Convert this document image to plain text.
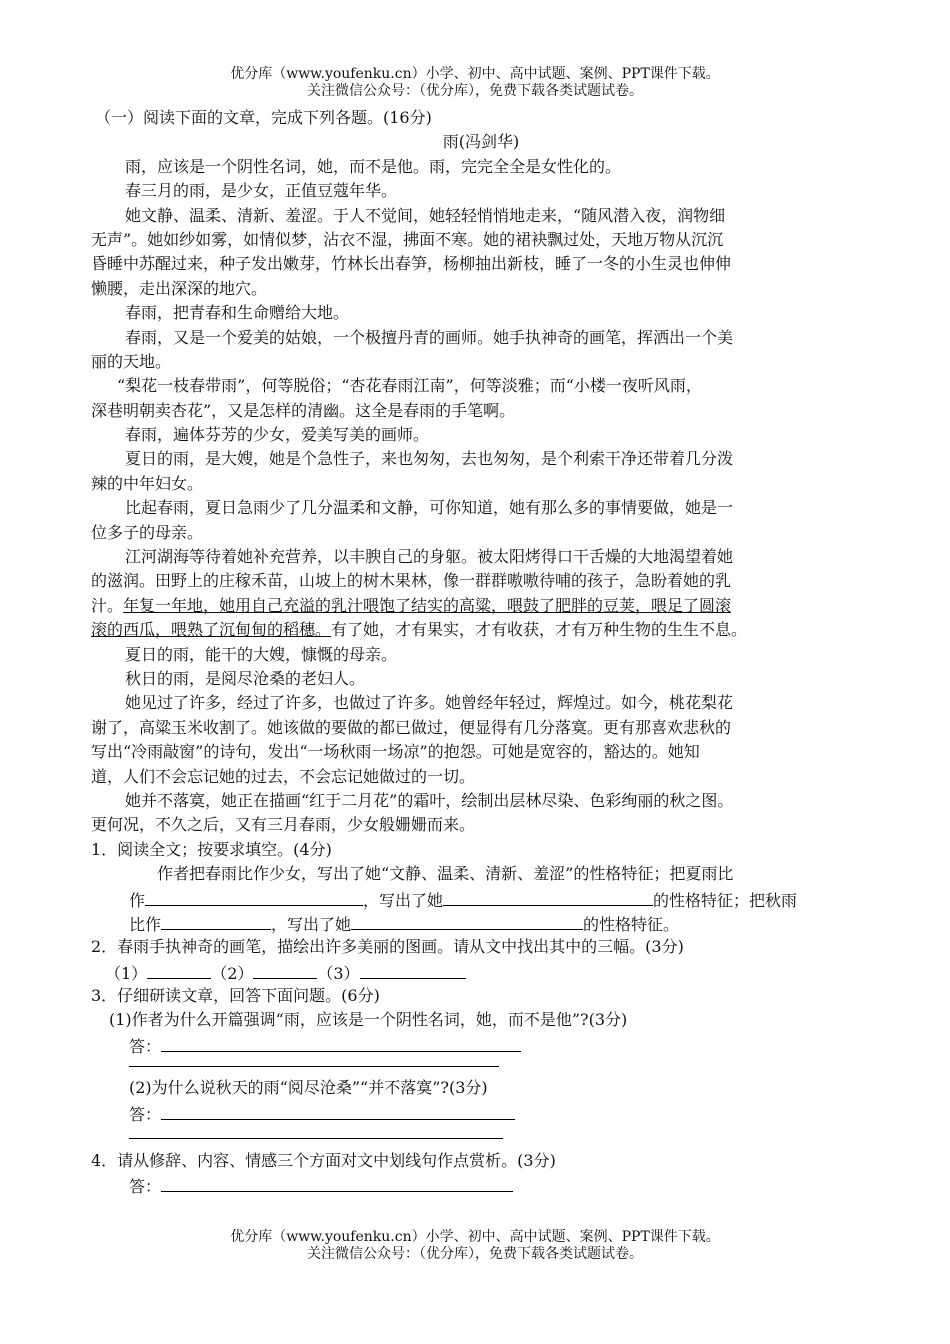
优分库（www.youfenku.cn）小学、初中、高中试题、案例、PPT课件下载。
关注微信公众号：（优分库），免费下载各类试题试卷。
（一）阅读下面的文章，完成下列各题。(16分)
雨(冯剑华)
雨，应该是一个阴性名词，她，而不是他。雨，完完全全是女性化的。
春三月的雨，是少女，正值豆蔻年华。
她文静、温柔、清新、羞涩。于人不觉间，她轻轻悄悄地走来，“随风潜入夜，润物细
无声”。她如纱如雾，如情似梦，沾衣不湿，拂面不寒。她的裙袂飘过处，天地万物从沉沉
昏睡中苏醒过来，种子发出嫩芽，竹林长出春笋，杨柳抽出新枝，睡了一冬的小生灵也伸伸
懒腰，走出深深的地穴。
春雨，把青春和生命赠给大地。
春雨，又是一个爱美的姑娘，一个极擅丹青的画师。她手执神奇的画笔，挥洒出一个美
丽的天地。
“梨花一枝春带雨”，何等脱俗；“杏花春雨江南”，何等淡雅；而“小楼一夜听风雨，
深巷明朝卖杏花”，又是怎样的清幽。这全是春雨的手笔啊。
春雨，遍体芬芳的少女，爱美写美的画师。
夏日的雨，是大嫂，她是个急性子，来也匆匆，去也匆匆，是个利索干净还带着几分泼
辣的中年妇女。
比起春雨，夏日急雨少了几分温柔和文静，可你知道，她有那么多的事情要做，她是一
位多子的母亲。
江河湖海等待着她补充营养，以丰腴自己的身躯。被太阳烤得口干舌燥的大地渴望着她
的滋润。田野上的庄稼禾苗，山坡上的树木果林，像一群群嗷嗷待哺的孩子，急盼着她的乳
汁。年复一年地，她用自己充溢的乳汁喂饱了结实的高粱，喂鼓了肥胖的豆荚，喂足了圆滚
滚的西瓜，喂熟了沉甸甸的稻穗。有了她，才有果实，才有收获，才有万种生物的生生不息。
夏日的雨，能干的大嫂，慷慨的母亲。
秋日的雨，是阅尽沧桑的老妇人。
她见过了许多，经过了许多，也做过了许多。她曾经年轻过，辉煌过。如今，桃花梨花
谢了，高粱玉米收割了。她该做的要做的都已做过，便显得有几分落寞。更有那喜欢悲秋的
写出“冷雨敲窗”的诗句，发出“一场秋雨一场凉”的抱怨。可她是宽容的，豁达的。她知
道，人们不会忘记她的过去，不会忘记她做过的一切。
她并不落寞，她正在描画“红于二月花”的霜叶，绘制出层林尽染、色彩绚丽的秋之图。
更何况，不久之后，又有三月春雨，少女般姗姗而来。
1．阅读全文；按要求填空。(4分)
作者把春雨比作少女，写出了她“文静、温柔、清新、羞涩”的性格特征；把夏雨比
作	，写出了她	的性格特征；把秋雨
比作	，写出了她	的性格特征。
2．春雨手执神奇的画笔，描绘出许多美丽的图画。请从文中找出其中的三幅。(3分)
（1）	（2）	（3）
3．仔细研读文章，回答下面问题。(6分)
(1)作者为什么开篇强调“雨，应该是一个阴性名词，她，而不是他”?(3分)
答：
(2)为什么说秋天的雨“阅尽沧桑”“并不落寞”?(3分)
答：
4．请从修辞、内容、情感三个方面对文中划线句作点赏析。(3分)
答：
优分库（www.youfenku.cn）小学、初中、高中试题、案例、PPT课件下载。
关注微信公众号：（优分库），免费下载各类试题试卷。
